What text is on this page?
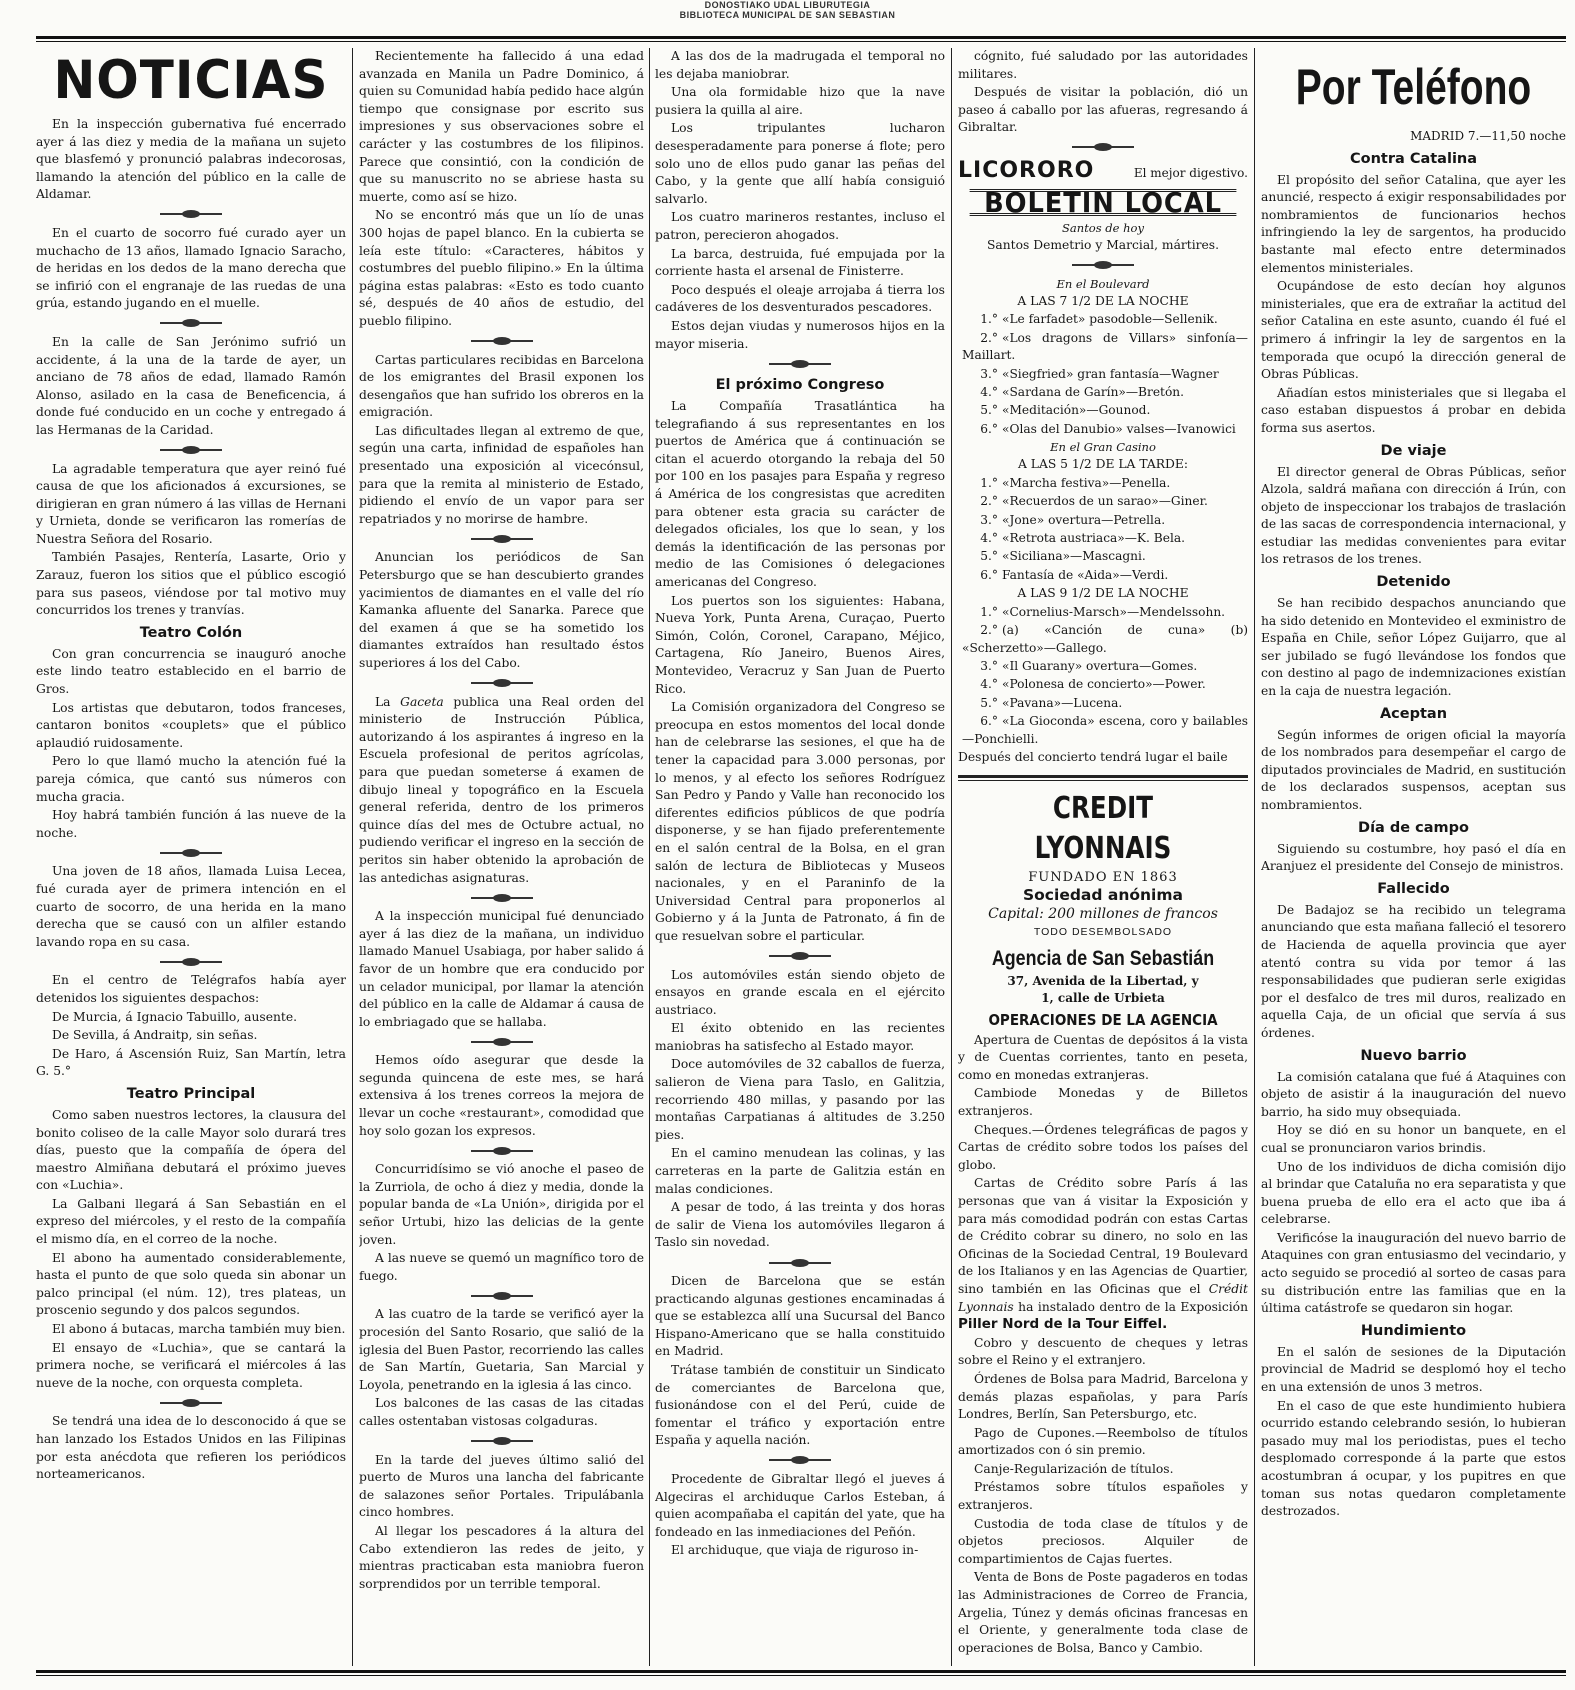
DONOSTIAKO UDAL LIBURUTEGIA
BIBLIOTECA MUNICIPAL DE SAN SEBASTIAN
NOTICIAS

En la inspección gubernativa fué encerrado ayer á las diez y media de la mañana un sujeto que blasfemó y pronunció palabras indecorosas, llamando la atención del público en la calle de Aldamar.

En el cuarto de socorro fué curado ayer un muchacho de 13 años, llamado Ignacio Saracho, de heridas en los dedos de la mano derecha que se infirió con el engranaje de las ruedas de una grúa, estando jugando en el muelle.

En la calle de San Jerónimo sufrió un accidente, á la una de la tarde de ayer, un anciano de 78 años de edad, llamado Ramón Alonso, asilado en la casa de Beneficencia, á donde fué conducido en un coche y entregado á las Hermanas de la Caridad.

La agradable temperatura que ayer reinó fué causa de que los aficionados á excursiones, se dirigieran en gran número á las villas de Hernani y Urnieta, donde se verificaron las romerías de Nuestra Señora del Rosario.

También Pasajes, Rentería, Lasarte, Orio y Zarauz, fueron los sitios que el público escogió para sus paseos, viéndose por tal motivo muy concurridos los trenes y tranvías.

Teatro Colón

Con gran concurrencia se inauguró anoche este lindo teatro establecido en el barrio de Gros.

Los artistas que debutaron, todos franceses, cantaron bonitos «couplets» que el público aplaudió ruidosamente.

Pero lo que llamó mucho la atención fué la pareja cómica, que cantó sus números con mucha gracia.

Hoy habrá también función á las nueve de la noche.

Una joven de 18 años, llamada Luisa Lecea, fué curada ayer de primera intención en el cuarto de socorro, de una herida en la mano derecha que se causó con un alfiler estando lavando ropa en su casa.

En el centro de Telégrafos había ayer detenidos los siguientes despachos:

De Murcia, á Ignacio Tabuillo, ausente.

De Sevilla, á Andraitp, sin señas.

De Haro, á Ascensión Ruiz, San Martín, letra G. 5.°

Teatro Principal

Como saben nuestros lectores, la clausura del bonito coliseo de la calle Mayor solo durará tres días, puesto que la compañía de ópera del maestro Almiñana debutará el próximo jueves con «Luchia».

La Galbani llegará á San Sebastián en el expreso del miércoles, y el resto de la compañía el mismo día, en el correo de la noche.

El abono ha aumentado considerablemente, hasta el punto de que solo queda sin abonar un palco principal (el núm. 12), tres plateas, un proscenio segundo y dos palcos segundos.

El abono á butacas, marcha también muy bien.

El ensayo de «Luchia», que se cantará la primera noche, se verificará el miércoles á las nueve de la noche, con orquesta completa.

Se tendrá una idea de lo desconocido á que se han lanzado los Estados Unidos en las Filipinas por esta anécdota que refieren los periódicos norteamericanos.

Recientemente ha fallecido á una edad avanzada en Manila un Padre Dominico, á quien su Comunidad había pedido hace algún tiempo que consignase por escrito sus impresiones y sus observaciones sobre el carácter y las costumbres de los filipinos. Parece que consintió, con la condición de que su manuscrito no se abriese hasta su muerte, como así se hizo.

No se encontró más que un lío de unas 300 hojas de papel blanco. En la cubierta se leía este título: «Caracteres, hábitos y costumbres del pueblo filipino.» En la última página estas palabras: «Esto es todo cuanto sé, después de 40 años de estudio, del pueblo filipino.

Cartas particulares recibidas en Barcelona de los emigrantes del Brasil exponen los desengaños que han sufrido los obreros en la emigración.

Las dificultades llegan al extremo de que, según una carta, infinidad de españoles han presentado una exposición al vicecónsul, para que la remita al ministerio de Estado, pidiendo el envío de un vapor para ser repatriados y no morirse de hambre.

Anuncian los periódicos de San Petersburgo que se han descubierto grandes yacimientos de diamantes en el valle del río Kamanka afluente del Sanarka. Parece que del examen á que se ha sometido los diamantes extraídos han resultado éstos superiores á los del Cabo.

La Gaceta publica una Real orden del ministerio de Instrucción Pública, autorizando á los aspirantes á ingreso en la Escuela profesional de peritos agrícolas, para que puedan someterse á examen de dibujo lineal y topográfico en la Escuela general referida, dentro de los primeros quince días del mes de Octubre actual, no pudiendo verificar el ingreso en la sección de peritos sin haber obtenido la aprobación de las antedichas asignaturas.

A la inspección municipal fué denunciado ayer á las diez de la mañana, un individuo llamado Manuel Usabiaga, por haber salido á favor de un hombre que era conducido por un celador municipal, por llamar la atención del público en la calle de Aldamar á causa de lo embriagado que se hallaba.

Hemos oído asegurar que desde la segunda quincena de este mes, se hará extensiva á los trenes correos la mejora de llevar un coche «restaurant», comodidad que hoy solo gozan los expresos.

Concurridísimo se vió anoche el paseo de la Zurriola, de ocho á diez y media, donde la popular banda de «La Unión», dirigida por el señor Urtubi, hizo las delicias de la gente joven.

A las nueve se quemó un magnífico toro de fuego.

A las cuatro de la tarde se verificó ayer la procesión del Santo Rosario, que salió de la iglesia del Buen Pastor, recorriendo las calles de San Martín, Guetaria, San Marcial y Loyola, penetrando en la iglesia á las cinco.

Los balcones de las casas de las citadas calles ostentaban vistosas colgaduras.

En la tarde del jueves último salió del puerto de Muros una lancha del fabricante de salazones señor Portales. Tripulábanla cinco hombres.

Al llegar los pescadores á la altura del Cabo extendieron las redes de jeito, y mientras practicaban esta maniobra fueron sorprendidos por un terrible temporal.

A las dos de la madrugada el temporal no les dejaba maniobrar.

Una ola formidable hizo que la nave pusiera la quilla al aire.

Los tripulantes lucharon desesperadamente para ponerse á flote; pero solo uno de ellos pudo ganar las peñas del Cabo, y la gente que allí había consiguió salvarlo.

Los cuatro marineros restantes, incluso el patron, perecieron ahogados.

La barca, destruida, fué empujada por la corriente hasta el arsenal de Finisterre.

Poco después el oleaje arrojaba á tierra los cadáveres de los desventurados pescadores.

Estos dejan viudas y numerosos hijos en la mayor miseria.

El próximo Congreso

La Compañía Trasatlántica ha telegrafiando á sus representantes en los puertos de América que á continuación se citan el acuerdo otorgando la rebaja del 50 por 100 en los pasajes para España y regreso á América de los congresistas que acrediten para obtener esta gracia su carácter de delegados oficiales, los que lo sean, y los demás la identificación de las personas por medio de las Comisiones ó delegaciones americanas del Congreso.

Los puertos son los siguientes: Habana, Nueva York, Punta Arena, Curaçao, Puerto Simón, Colón, Coronel, Carapano, Méjico, Cartagena, Río Janeiro, Buenos Aires, Montevideo, Veracruz y San Juan de Puerto Rico.

La Comisión organizadora del Congreso se preocupa en estos momentos del local donde han de celebrarse las sesiones, el que ha de tener la capacidad para 3.000 personas, por lo menos, y al efecto los señores Rodríguez San Pedro y Pando y Valle han reconocido los diferentes edificios públicos de que podría disponerse, y se han fijado preferentemente en el salón central de la Bolsa, en el gran salón de lectura de Bibliotecas y Museos nacionales, y en el Paraninfo de la Universidad Central para proponerlos al Gobierno y á la Junta de Patronato, á fin de que resuelvan sobre el particular.

Los automóviles están siendo objeto de ensayos en grande escala en el ejército austriaco.

El éxito obtenido en las recientes maniobras ha satisfecho al Estado mayor.

Doce automóviles de 32 caballos de fuerza, salieron de Viena para Taslo, en Galitzia, recorriendo 480 millas, y pasando por las montañas Carpatianas á altitudes de 3.250 pies.

En el camino menudean las colinas, y las carreteras en la parte de Galitzia están en malas condiciones.

A pesar de todo, á las treinta y dos horas de salir de Viena los automóviles llegaron á Taslo sin novedad.

Dicen de Barcelona que se están practicando algunas gestiones encaminadas á que se establezca allí una Sucursal del Banco Hispano-Americano que se halla constituido en Madrid.

Trátase también de constituir un Sindicato de comerciantes de Barcelona que, fusionándose con el del Perú, cuide de fomentar el tráfico y exportación entre España y aquella nación.

Procedente de Gibraltar llegó el jueves á Algeciras el archiduque Carlos Esteban, á quien acompañaba el capitán del yate, que ha fondeado en las inmediaciones del Peñón.

El archiduque, que viaja de riguroso in-

cógnito, fué saludado por las autoridades militares.

Después de visitar la población, dió un paseo á caballo por las afueras, regresando á Gibraltar.

LICORORO	El mejor digestivo.
BOLETIN LOCAL
Santos de hoy

Santos Demetrio y Marcial, mártires.

En el Boulevard

A LAS 7 1/2 DE LA NOCHE

1.° «Le farfadet» pasodoble—Sellenik.

2.° «Los dragons de Villars» sinfonía—Maillart.

3.° «Siegfried» gran fantasía—Wagner

4.° «Sardana de Garín»—Bretón.

5.° «Meditación»—Gounod.

6.° «Olas del Danubio» valses—Ivanowici

En el Gran Casino

A LAS 5 1/2 DE LA TARDE:

1.° «Marcha festiva»—Penella.

2.° «Recuerdos de un sarao»—Giner.

3.° «Jone» overtura—Petrella.

4.° «Retrota austriaca»—K. Bela.

5.° «Siciliana»—Mascagni.

6.° Fantasía de «Aida»—Verdi.

A LAS 9 1/2 DE LA NOCHE

1.° «Cornelius-Marsch»—Mendelssohn.

2.° (a) «Canción de cuna» (b) «Scherzetto»—Gallego.

3.° «Il Guarany» overtura—Gomes.

4.° «Polonesa de concierto»—Power.

5.° «Pavana»—Lucena.

6.° «La Gioconda» escena, coro y bailables—Ponchielli.

Después del concierto tendrá lugar el baile

CREDIT LYONNAIS

FUNDADO EN 1863

Sociedad anónima

Capital: 200 millones de francos

TODO DESEMBOLSADO

Agencia de San Sebastián

37, Avenida de la Libertad, y

1, calle de Urbieta

OPERACIONES DE LA AGENCIA

Apertura de Cuentas de depósitos á la vista y de Cuentas corrientes, tanto en peseta, como en monedas extranjeras.

Cambiode Monedas y de Billetos extranjeros.

Cheques.—Órdenes telegráficas de pagos y Cartas de crédito sobre todos los países del globo.

Cartas de Crédito sobre París á las personas que van á visitar la Exposición y para más comodidad podrán con estas Cartas de Crédito cobrar su dinero, no solo en las Oficinas de la Sociedad Central, 19 Boulevard de los Italianos y en las Agencias de Quartier, sino también en las Oficinas que el Crédit Lyonnais ha instalado dentro de la Exposición Piller Nord de la Tour Eiffel.

Cobro y descuento de cheques y letras sobre el Reino y el extranjero.

Órdenes de Bolsa para Madrid, Barcelona y demás plazas españolas, y para París Londres, Berlín, San Petersburgo, etc.

Pago de Cupones.—Reembolso de títulos amortizados con ó sin premio.

Canje-Regularización de títulos.

Préstamos sobre títulos españoles y extranjeros.

Custodia de toda clase de títulos y de objetos preciosos. Alquiler de compartimientos de Cajas fuertes.

Venta de Bons de Poste pagaderos en todas las Administraciones de Correo de Francia, Argelia, Túnez y demás oficinas francesas en el Oriente, y generalmente toda clase de operaciones de Bolsa, Banco y Cambio.

Por Teléfono
MADRID 7.—11,50 noche
Contra Catalina

El propósito del señor Catalina, que ayer les anuncié, respecto á exigir responsabilidades por nombramientos de funcionarios hechos infringiendo la ley de sargentos, ha producido bastante mal efecto entre determinados elementos ministeriales.

Ocupándose de esto decían hoy algunos ministeriales, que era de extrañar la actitud del señor Catalina en este asunto, cuando él fué el primero á infringir la ley de sargentos en la temporada que ocupó la dirección general de Obras Públicas.

Añadían estos ministeriales que si llegaba el caso estaban dispuestos á probar en debida forma sus asertos.

De viaje

El director general de Obras Públicas, señor Alzola, saldrá mañana con dirección á Irún, con objeto de inspeccionar los trabajos de traslación de las sacas de correspondencia internacional, y estudiar las medidas convenientes para evitar los retrasos de los trenes.

Detenido

Se han recibido despachos anunciando que ha sido detenido en Montevideo el exministro de España en Chile, señor López Guijarro, que al ser jubilado se fugó llevándose los fondos que con destino al pago de indemnizaciones existían en la caja de nuestra legación.

Aceptan

Según informes de origen oficial la mayoría de los nombrados para desempeñar el cargo de diputados provinciales de Madrid, en sustitución de los declarados suspensos, aceptan sus nombramientos.

Día de campo

Siguiendo su costumbre, hoy pasó el día en Aranjuez el presidente del Consejo de ministros.

Fallecido

De Badajoz se ha recibido un telegrama anunciando que esta mañana falleció el tesorero de Hacienda de aquella provincia que ayer atentó contra su vida por temor á las responsabilidades que pudieran serle exigidas por el desfalco de tres mil duros, realizado en aquella Caja, de un oficial que servía á sus órdenes.

Nuevo barrio

La comisión catalana que fué á Ataquines con objeto de asistir á la inauguración del nuevo barrio, ha sido muy obsequiada.

Hoy se dió en su honor un banquete, en el cual se pronunciaron varios brindis.

Uno de los individuos de dicha comisión dijo al brindar que Cataluña no era separatista y que buena prueba de ello era el acto que iba á celebrarse.

Verificóse la inauguración del nuevo barrio de Ataquines con gran entusiasmo del vecindario, y acto seguido se procedió al sorteo de casas para su distribución entre las familias que en la última catástrofe se quedaron sin hogar.

Hundimiento

En el salón de sesiones de la Diputación provincial de Madrid se desplomó hoy el techo en una extensión de unos 3 metros.

En el caso de que este hundimiento hubiera ocurrido estando celebrando sesión, lo hubieran pasado muy mal los periodistas, pues el techo desplomado corresponde á la parte que estos acostumbran á ocupar, y los pupitres en que toman sus notas quedaron completamente destrozados.
